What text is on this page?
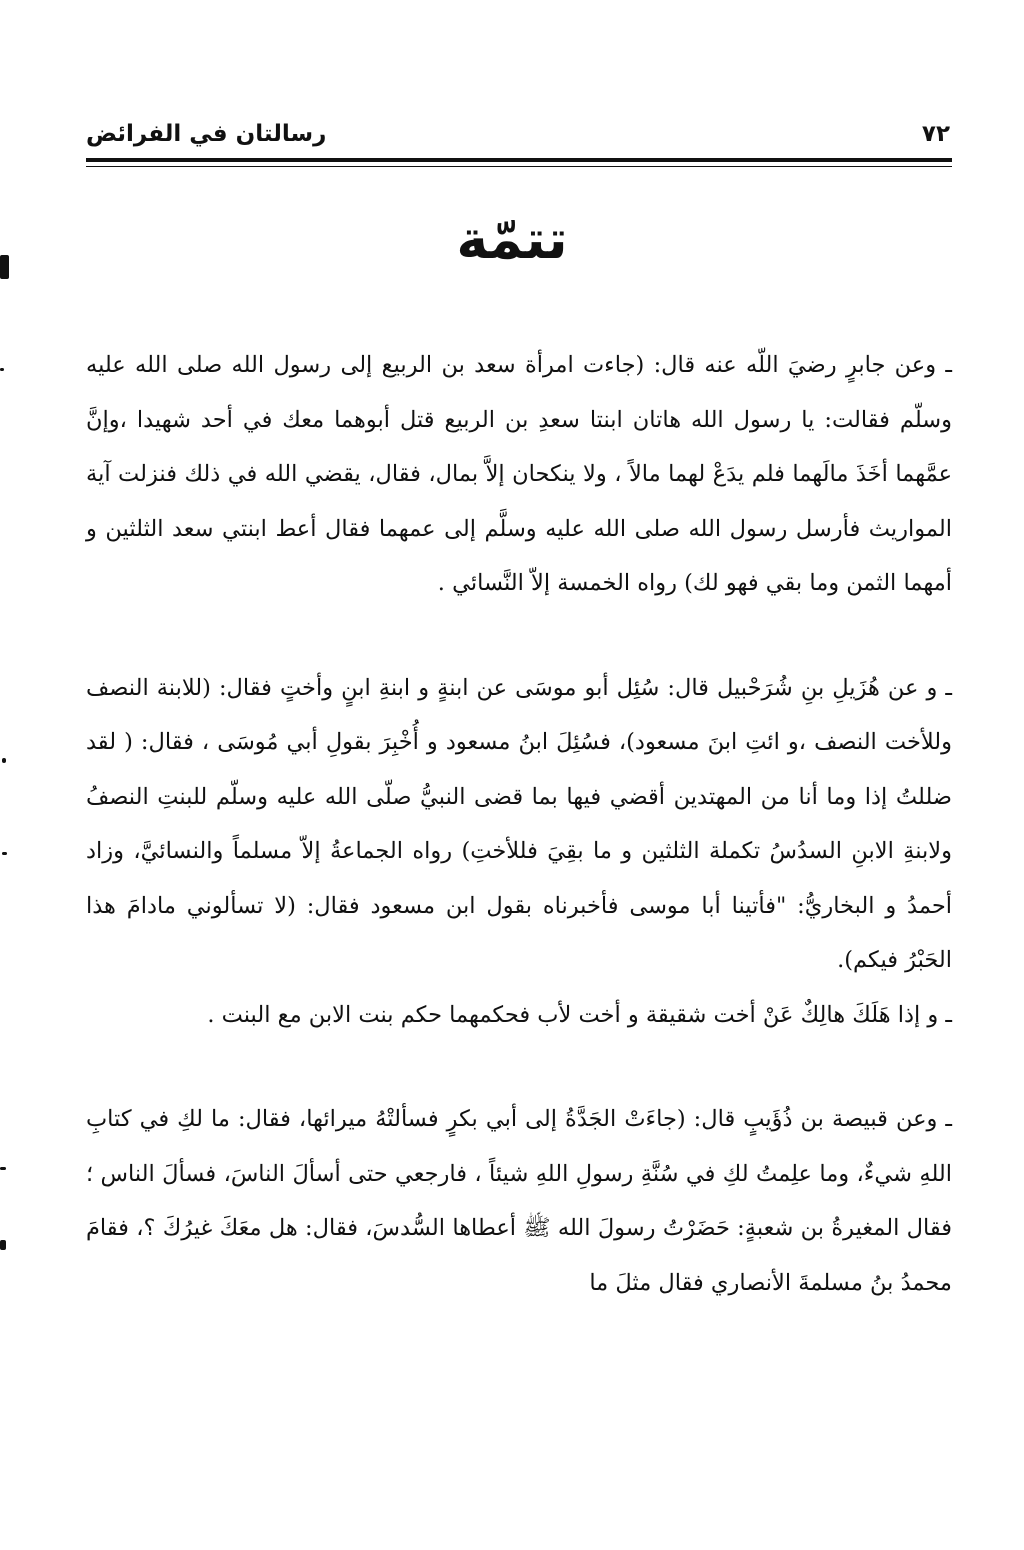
٧٢
رسالتان في الفرائض
تتمّة

ـ وعن جابرٍ رضيَ اللّه عنه قال: (جاءت امرأة سعد بن الربيع إلى رسول الله صلى الله عليه وسلّم فقالت: يا رسول الله هاتان ابنتا سعدِ بن الربيع قتل أبوهما معك في أحد شهيدا ،وإنَّ عمَّهما أخَذَ مالَهما فلم يدَعْ لهما مالاً ، ولا ينكحان إلاَّ بمال، فقال، يقضي الله في ذلك فنزلت آية المواريث فأرسل رسول الله صلى الله عليه وسلَّم إلى عمهما فقال أعط ابنتي سعد الثلثين و أمهما الثمن وما بقي فهو لك) رواه الخمسة إلاّ النَّسائي .

ـ و عن هُزَيلِ بنِ شُرَحْبيل قال: سُئِل أبو موسَى عن ابنةٍ و ابنةِ ابنٍ وأختٍ فقال: (للابنة النصف وللأخت النصف ،و ائتِ ابنَ مسعود)، فسُئِلَ ابنُ مسعود و أُخْبِرَ بقولِ أبي مُوسَى ، فقال: ( لقد ضللتُ إذا وما أنا من المهتدين أقضي فيها بما قضى النبيُّ صلّى الله عليه وسلّم للبنتِ النصفُ ولابنةِ الابنِ السدُسُ تكملة الثلثين و ما بقِيَ فللأختِ) رواه الجماعةُ إلاّ مسلماً والنسائيَّ، وزاد أحمدُ و البخاريُّ: "فأتينا أبا موسى فأخبرناه بقول ابن مسعود فقال: (لا تسألوني مادامَ هذا الحَبْرُ فيكم).

ـ و إذا هَلَكَ هالِكٌ عَنْ أخت شقيقة و أخت لأب فحكمهما حكم بنت الابن مع البنت .

ـ وعن قبيصة بن ذُؤَيبٍ قال: (جاءَتْ الجَدَّةُ إلى أبي بكرٍ فسألتْهُ ميرائها، فقال: ما لكِ في كتابِ اللهِ شيءٌ، وما علِمتُ لكِ في سُنَّةِ رسولِ اللهِ شيئاً ، فارجعي حتى أسألَ الناسَ، فسألَ الناس ؛ فقال المغيرةُ بن شعبةٍ: حَضَرْتُ رسولَ الله ﷺ أعطاها السُّدسَ، فقال: هل معَكَ غيرُكَ ؟، فقامَ محمدُ بنُ مسلمةَ الأنصاري فقال مثلَ ما
